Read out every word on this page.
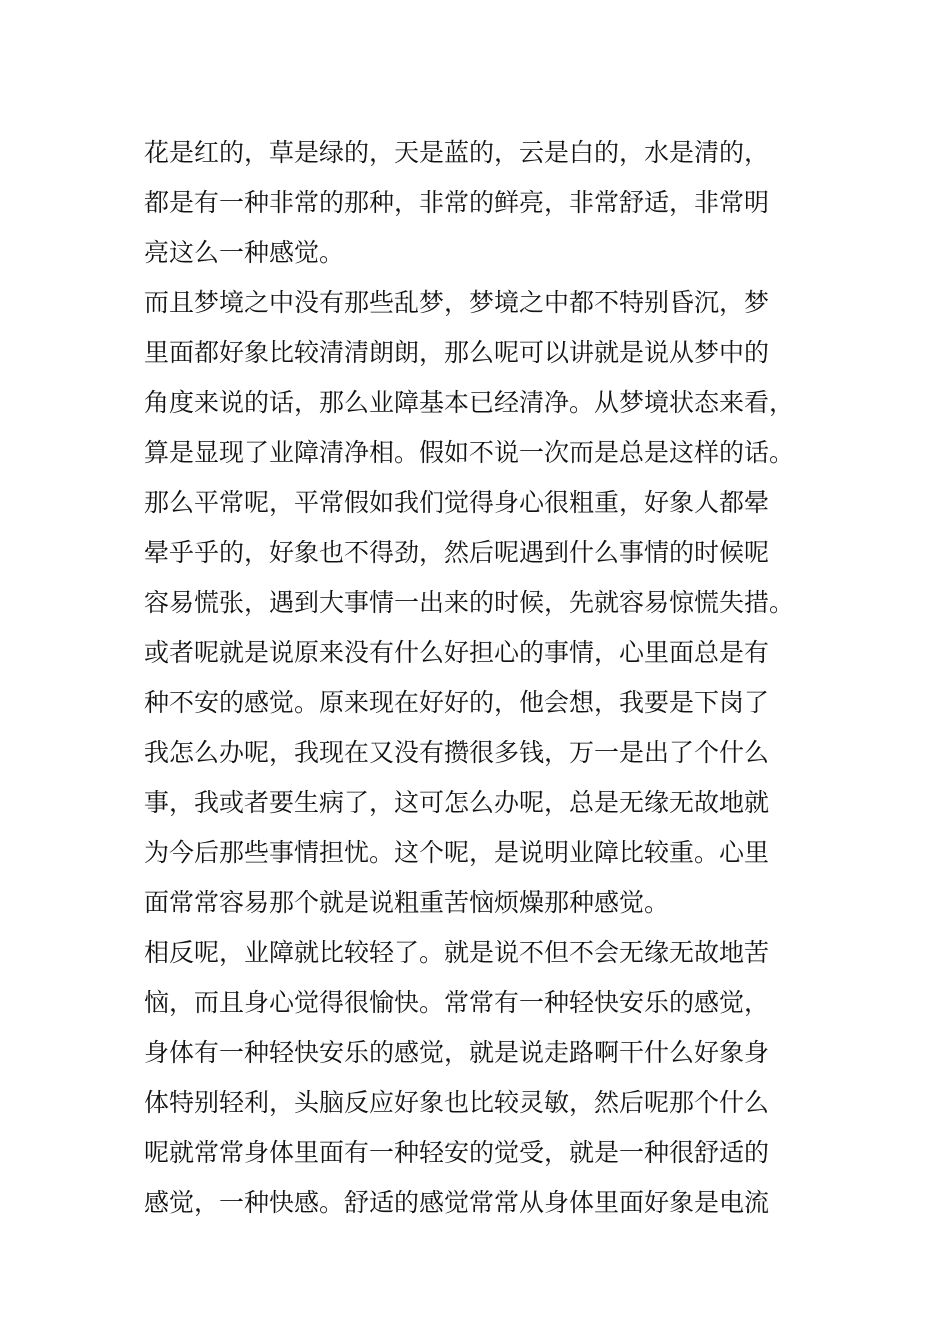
花是红的，草是绿的，天是蓝的，云是白的，水是清的，
都是有一种非常的那种，非常的鲜亮，非常舒适，非常明
亮这么一种感觉。
而且梦境之中没有那些乱梦，梦境之中都不特别昏沉，梦
里面都好象比较清清朗朗，那么呢可以讲就是说从梦中的
角度来说的话，那么业障基本已经清净。从梦境状态来看，
算是显现了业障清净相。假如不说一次而是总是这样的话。
那么平常呢，平常假如我们觉得身心很粗重，好象人都晕
晕乎乎的，好象也不得劲，然后呢遇到什么事情的时候呢
容易慌张，遇到大事情一出来的时候，先就容易惊慌失措。
或者呢就是说原来没有什么好担心的事情，心里面总是有
种不安的感觉。原来现在好好的，他会想，我要是下岗了
我怎么办呢，我现在又没有攒很多钱，万一是出了个什么
事，我或者要生病了，这可怎么办呢，总是无缘无故地就
为今后那些事情担忧。这个呢，是说明业障比较重。心里
面常常容易那个就是说粗重苦恼烦燥那种感觉。
相反呢，业障就比较轻了。就是说不但不会无缘无故地苦
恼，而且身心觉得很愉快。常常有一种轻快安乐的感觉，
身体有一种轻快安乐的感觉，就是说走路啊干什么好象身
体特别轻利，头脑反应好象也比较灵敏，然后呢那个什么
呢就常常身体里面有一种轻安的觉受，就是一种很舒适的
感觉，一种快感。舒适的感觉常常从身体里面好象是电流
